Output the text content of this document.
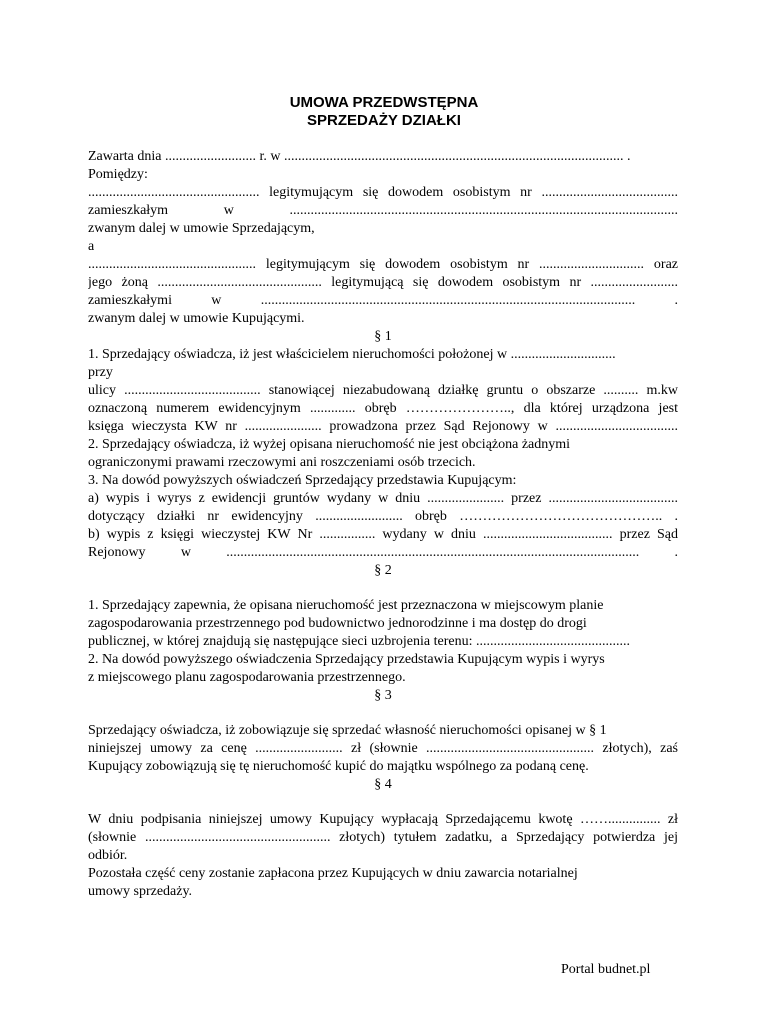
UMOWA PRZEDWSTĘPNA
SPRZEDAŻY DZIAŁKI
Zawarta dnia .......................... r. w ................................................................................................. .
Pomiędzy:
................................................. legitymującym się dowodem osobistym nr .......................................
zamieszkałym w ...............................................................................................................
zwanym dalej w umowie Sprzedającym,
a
................................................ legitymującym się dowodem osobistym nr .............................. oraz
jego żoną ............................................... legitymującą się dowodem osobistym nr .........................
zamieszkałymi w ........................................................................................................... .
zwanym dalej w umowie Kupującymi.
§ 1
1. Sprzedający oświadcza, iż jest właścicielem nieruchomości położonej w ..............................
przy
ulicy ....................................... stanowiącej niezabudowaną działkę gruntu o obszarze .......... m.kw
oznaczoną numerem ewidencyjnym ............. obręb ………………….., dla której urządzona jest
księga wieczysta KW nr ...................... prowadzona przez Sąd Rejonowy w ...................................
2. Sprzedający oświadcza, iż wyżej opisana nieruchomość nie jest obciążona żadnymi
ograniczonymi prawami rzeczowymi ani roszczeniami osób trzecich.
3. Na dowód powyższych oświadczeń Sprzedający przedstawia Kupującym:
a) wypis i wyrys z ewidencji gruntów wydany w dniu ...................... przez .....................................
dotyczący działki nr ewidencyjny ......................... obręb …………………………………….. .
b) wypis z księgi wieczystej KW Nr ................ wydany w dniu ..................................... przez Sąd
Rejonowy w ...................................................................................................................... .
§ 2
1. Sprzedający zapewnia, że opisana nieruchomość jest przeznaczona w miejscowym planie
zagospodarowania przestrzennego pod budownictwo jednorodzinne i ma dostęp do drogi
publicznej, w której znajdują się następujące sieci uzbrojenia terenu: ............................................
2. Na dowód powyższego oświadczenia Sprzedający przedstawia Kupującym wypis i wyrys
z miejscowego planu zagospodarowania przestrzennego.
§ 3
Sprzedający oświadcza, iż zobowiązuje się sprzedać własność nieruchomości opisanej w § 1
niniejszej umowy za cenę ......................... zł (słownie ................................................ złotych), zaś
Kupujący zobowiązują się tę nieruchomość kupić do majątku wspólnego za podaną cenę.
§ 4
W dniu podpisania niniejszej umowy Kupujący wypłacają Sprzedającemu kwotę ……............... zł
(słownie ..................................................... złotych) tytułem zadatku, a Sprzedający potwierdza jej
odbiór.
Pozostała część ceny zostanie zapłacona przez Kupujących w dniu zawarcia notarialnej
umowy sprzedaży.
Portal budnet.pl
